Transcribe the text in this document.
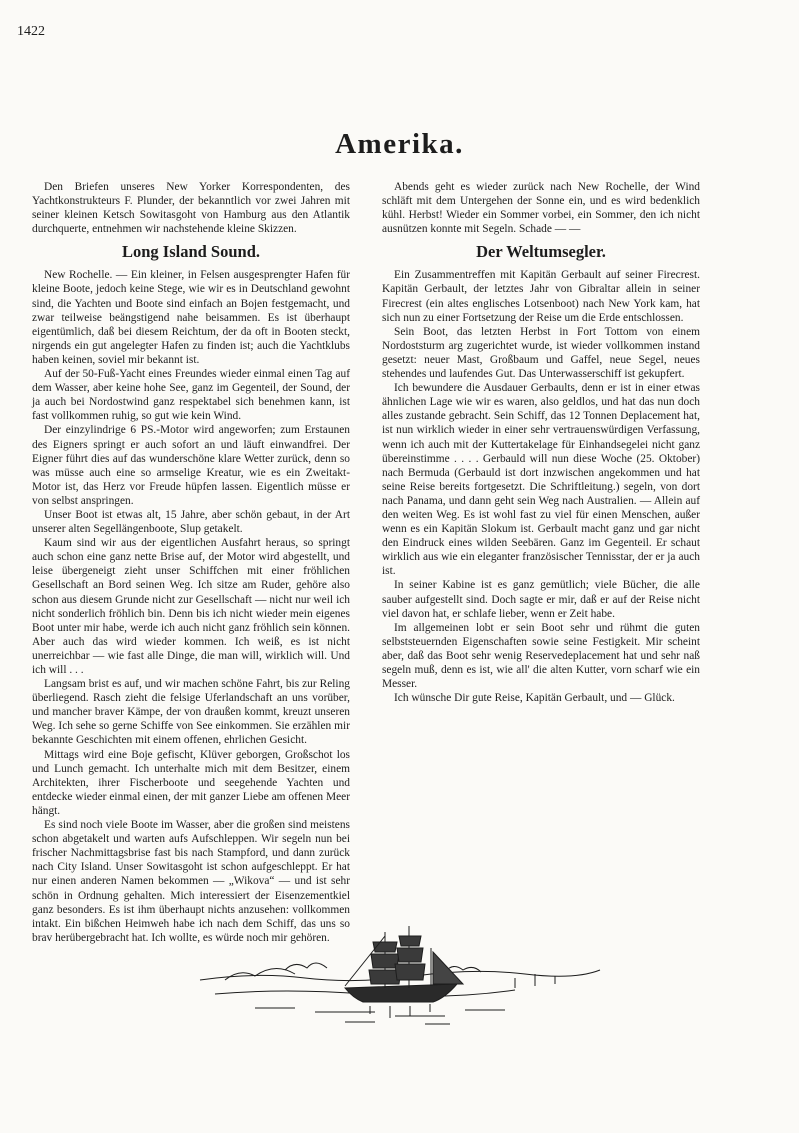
1422
Amerika.

Den Briefen unseres New Yorker Korrespondenten, des Yachtkonstrukteurs F. Plunder, der bekanntlich vor zwei Jahren mit seiner kleinen Ketsch Sowitasgoht von Hamburg aus den Atlantik durchquerte, entnehmen wir nachstehende kleine Skizzen.

Long Island Sound.

New Rochelle. — Ein kleiner, in Felsen ausgesprengter Hafen für kleine Boote, jedoch keine Stege, wie wir es in Deutschland gewohnt sind, die Yachten und Boote sind einfach an Bojen festgemacht, und zwar teilweise beängstigend nahe beisammen. Es ist überhaupt eigentümlich, daß bei diesem Reichtum, der da oft in Booten steckt, nirgends ein gut angelegter Hafen zu finden ist; auch die Yachtklubs haben keinen, soviel mir bekannt ist.

Auf der 50-Fuß-Yacht eines Freundes wieder einmal einen Tag auf dem Wasser, aber keine hohe See, ganz im Gegenteil, der Sound, der ja auch bei Nordostwind ganz respektabel sich benehmen kann, ist fast vollkommen ruhig, so gut wie kein Wind.

Der einzylindrige 6 PS.-Motor wird angeworfen; zum Erstaunen des Eigners springt er auch sofort an und läuft einwandfrei. Der Eigner führt dies auf das wunderschöne klare Wetter zurück, denn so was müsse auch eine so armselige Kreatur, wie es ein Zweitakt-Motor ist, das Herz vor Freude hüpfen lassen. Eigentlich müsse er von selbst anspringen.

Unser Boot ist etwas alt, 15 Jahre, aber schön gebaut, in der Art unserer alten Segellängenboote, Slup getakelt.

Kaum sind wir aus der eigentlichen Ausfahrt heraus, so springt auch schon eine ganz nette Brise auf, der Motor wird abgestellt, und leise übergeneigt zieht unser Schiffchen mit einer fröhlichen Gesellschaft an Bord seinen Weg. Ich sitze am Ruder, gehöre also schon aus diesem Grunde nicht zur Gesellschaft — nicht nur weil ich nicht sonderlich fröhlich bin. Denn bis ich nicht wieder mein eigenes Boot unter mir habe, werde ich auch nicht ganz fröhlich sein können. Aber auch das wird wieder kommen. Ich weiß, es ist nicht unerreichbar — wie fast alle Dinge, die man will, wirklich will. Und ich will . . .

Langsam brist es auf, und wir machen schöne Fahrt, bis zur Reling überliegend. Rasch zieht die felsige Uferlandschaft an uns vorüber, und mancher braver Kämpe, der von draußen kommt, kreuzt unseren Weg. Ich sehe so gerne Schiffe von See einkommen. Sie erzählen mir bekannte Geschichten mit einem offenen, ehrlichen Gesicht.

Mittags wird eine Boje gefischt, Klüver geborgen, Großschot los und Lunch gemacht. Ich unterhalte mich mit dem Besitzer, einem Architekten, ihrer Fischerboote und seegehende Yachten und entdecke wieder einmal einen, der mit ganzer Liebe am offenen Meer hängt.

Es sind noch viele Boote im Wasser, aber die großen sind meistens schon abgetakelt und warten aufs Aufschleppen. Wir segeln nun bei frischer Nachmittagsbrise fast bis nach Stampford, und dann zurück nach City Island. Unser Sowitasgoht ist schon aufgeschleppt. Er hat nur einen anderen Namen bekommen — „Wikova“ — und ist sehr schön in Ordnung gehalten. Mich interessiert der Eisenzementkiel ganz besonders. Es ist ihm überhaupt nichts anzusehen: vollkommen intakt. Ein bißchen Heimweh habe ich nach dem Schiff, das uns so brav herübergebracht hat. Ich wollte, es würde noch mir gehören.

Abends geht es wieder zurück nach New Rochelle, der Wind schläft mit dem Untergehen der Sonne ein, und es wird bedenklich kühl. Herbst! Wieder ein Sommer vorbei, ein Sommer, den ich nicht ausnützen konnte mit Segeln. Schade — —

Der Weltumsegler.

Ein Zusammentreffen mit Kapitän Gerbault auf seiner Firecrest. Kapitän Gerbault, der letztes Jahr von Gibraltar allein in seiner Firecrest (ein altes englisches Lotsenboot) nach New York kam, hat sich nun zu einer Fortsetzung der Reise um die Erde entschlossen.

Sein Boot, das letzten Herbst in Fort Tottom von einem Nordoststurm arg zugerichtet wurde, ist wieder vollkommen instand gesetzt: neuer Mast, Großbaum und Gaffel, neue Segel, neues stehendes und laufendes Gut. Das Unterwasserschiff ist gekupfert.

Ich bewundere die Ausdauer Gerbaults, denn er ist in einer etwas ähnlichen Lage wie wir es waren, also geldlos, und hat das nun doch alles zustande gebracht. Sein Schiff, das 12 Tonnen Deplacement hat, ist nun wirklich wieder in einer sehr vertrauenswürdigen Verfassung, wenn ich auch mit der Kuttertakelage für Einhandsegelei nicht ganz übereinstimme . . . . Gerbauld will nun diese Woche (25. Oktober) nach Bermuda (Gerbauld ist dort inzwischen angekommen und hat seine Reise bereits fortgesetzt. Die Schriftleitung.) segeln, von dort nach Panama, und dann geht sein Weg nach Australien. — Allein auf den weiten Weg. Es ist wohl fast zu viel für einen Menschen, außer wenn es ein Kapitän Slokum ist. Gerbault macht ganz und gar nicht den Eindruck eines wilden Seebären. Ganz im Gegenteil. Er schaut wirklich aus wie ein eleganter französischer Tennisstar, der er ja auch ist.

In seiner Kabine ist es ganz gemütlich; viele Bücher, die alle sauber aufgestellt sind. Doch sagte er mir, daß er auf der Reise nicht viel davon hat, er schlafe lieber, wenn er Zeit habe.

Im allgemeinen lobt er sein Boot sehr und rühmt die guten selbststeuernden Eigenschaften sowie seine Festigkeit. Mir scheint aber, daß das Boot sehr wenig Reservedeplacement hat und sehr naß segeln muß, denn es ist, wie all' die alten Kutter, vorn scharf wie ein Messer.

Ich wünsche Dir gute Reise, Kapitän Gerbault, und — Glück.
